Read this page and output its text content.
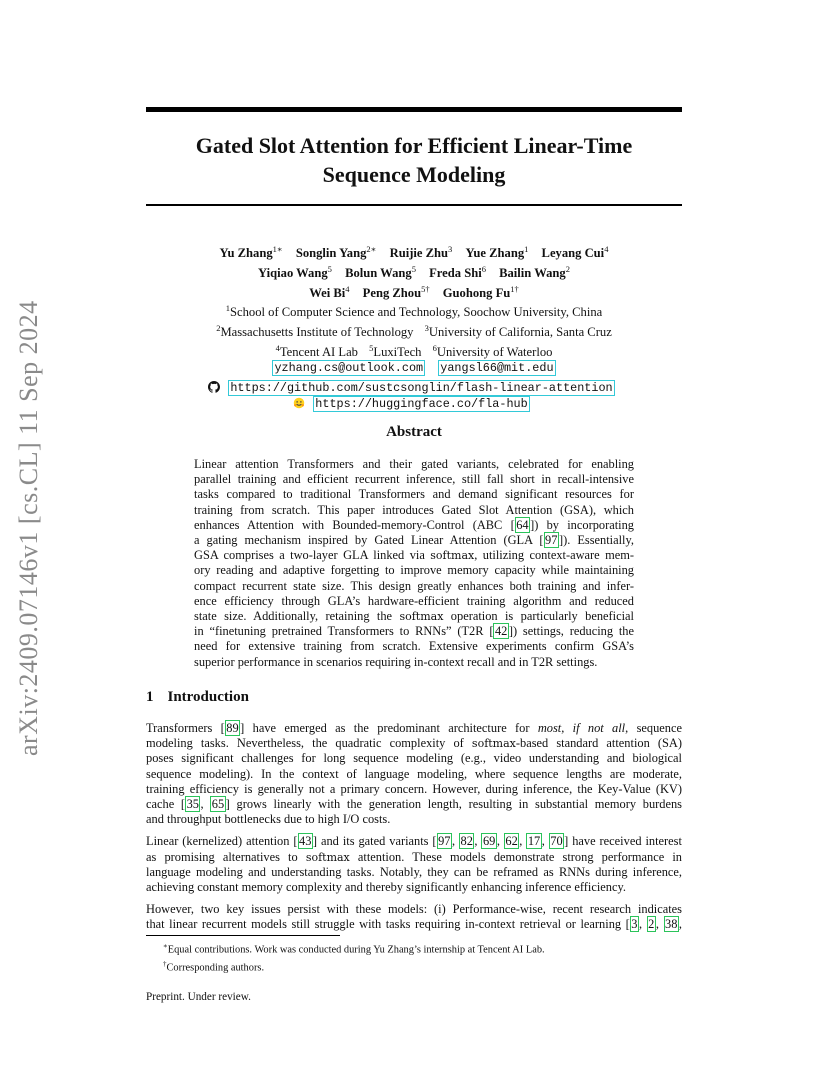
arXiv:2409.07146v1 [cs.CL] 11 Sep 2024
Gated Slot Attention for Efficient Linear-Time
Sequence Modeling
Yu Zhang$^{1∗}$ Songlin Yang$^{2∗}$ Ruijie Zhu$^3$ Yue Zhang$^1$ Leyang Cui$^4$
Yiqiao Wang$^5$ Bolun Wang$^5$ Freda Shi$^6$ Bailin Wang$^2$
Wei Bi$^4$ Peng Zhou$^{5\dagger}$ Guohong $Fu^{1\dagger}$
$^1$School of Computer Science and Technology, Soochow University, China
$^2$Massachusetts Institute of Technology $^3$University of California, Santa Cruz
$^4$Tencent AI Lab $^5$LuxiTech $^6$University of Waterloo
yzhang.cs@outlook.com yangsl66@mit.edu
https://github.com/sustcsonglin/flash-linear-attention
https://huggingface.co/fla-hub
Abstract
Linear attention Transformers and their gated variants, celebrated for enabling
parallel training and efficient recurrent inference, still fall short in recall-intensive
tasks compared to traditional Transformers and demand significant resources for
training from scratch. This paper introduces Gated Slot Attention (GSA), which
enhances Attention with Bounded-memory-Control (ABC [ 64 ]) by incorporating
a gating mechanism inspired by Gated Linear Attention (GLA [ 97 ]). Essentially,
GSA comprises a two-layer GLA linked via softmax, utilizing context-aware mem-
ory reading and adaptive forgetting to improve memory capacity while maintaining
compact recurrent state size. This design greatly enhances both training and infer-
ence efficiency through GLA’s hardware-efficient training algorithm and reduced
state size. Additionally, retaining the softmax operation is particularly beneficial
in “finetuning pretrained Transformers to RNNs” (T2R [ 42 ]) settings, reducing the
need for extensive training from scratch. Extensive experiments confirm GSA’s
superior performance in scenarios requiring in-context recall and in T2R settings.
1 Introduction

Transformers [ 89 ] have emerged as the predominant architecture for most, if not all, sequence
modeling tasks. Nevertheless, the quadratic complexity of softmax-based standard attention (SA)
poses significant challenges for long sequence modeling (e.g., video understanding and biological
sequence modeling). In the context of language modeling, where sequence lengths are moderate,
training efficiency is generally not a primary concern. However, during inference, the Key-Value (KV)
cache [ 35 , 65 ] grows linearly with the generation length, resulting in substantial memory burdens
and throughput bottlenecks due to high I/O costs.

Linear (kernelized) attention [ 43 ] and its gated variants [ 97 , 82 , 69 , 62 , 17 , 70 ] have received interest
as promising alternatives to softmax attention. These models demonstrate strong performance in
language modeling and understanding tasks. Notably, they can be reframed as RNNs during inference,
achieving constant memory complexity and thereby significantly enhancing inference efficiency.

However, two key issues persist with these models: (i) Performance-wise, recent research indicates
that linear recurrent models still struggle with tasks requiring in-context retrieval or learning [ 3 , 2 , 38 ,

∗Equal contributions. Work was conducted during Yu Zhang’s internship at Tencent AI Lab.
†Corresponding authors.
Preprint. Under review.
